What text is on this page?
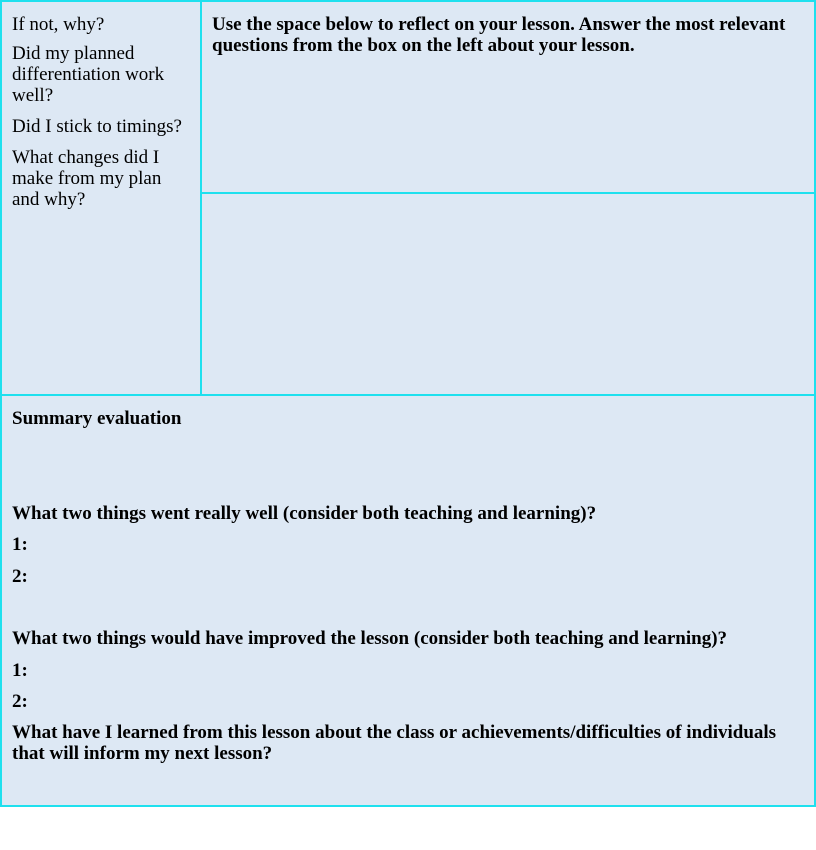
If not, why?

Did my planned differentiation work well?

Did I stick to timings?

What changes did I make from my plan and why?

Use the space below to reflect on your lesson. Answer the most relevant questions from the box on the left about your lesson.

Summary evaluation

What two things went really well (consider both teaching and learning)?

1:

2:

What two things would have improved the lesson (consider both teaching and learning)?

1:

2:

What have I learned from this lesson about the class or achievements/difficulties of individuals that will inform my next lesson?
